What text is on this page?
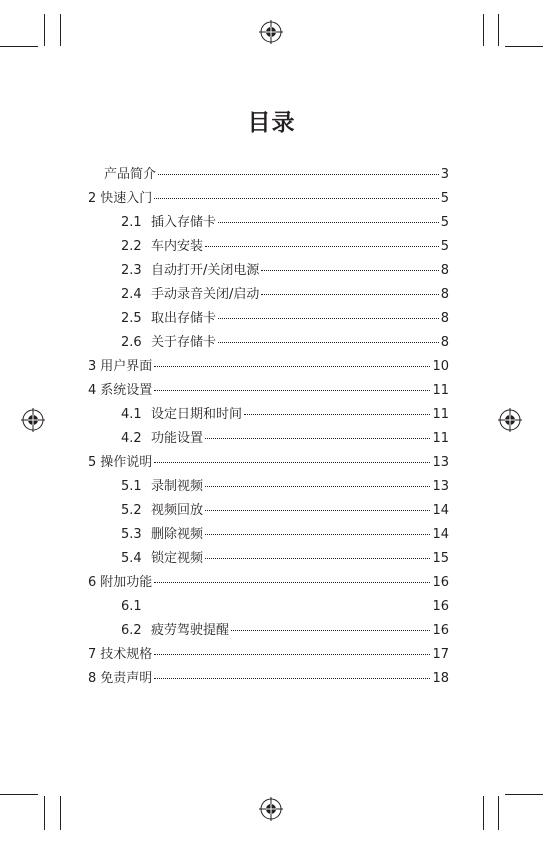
目录
产品简介	3
2 快速入门	5
2.1 插入存储卡	5
2.2 车内安装	5
2.3 自动打开/关闭电源	8
2.4 手动录音关闭/启动	8
2.5 取出存储卡	8
2.6 关于存储卡	8
3 用户界面	10
4 系统设置	11
4.1 设定日期和时间	11
4.2 功能设置	11
5 操作说明	13
5.1 录制视频	13
5.2 视频回放	14
5.3 删除视频	14
5.4 锁定视频	15
6 附加功能	16
6.1	16
6.2 疲劳驾驶提醒	16
7 技术规格	17
8 免责声明	18
